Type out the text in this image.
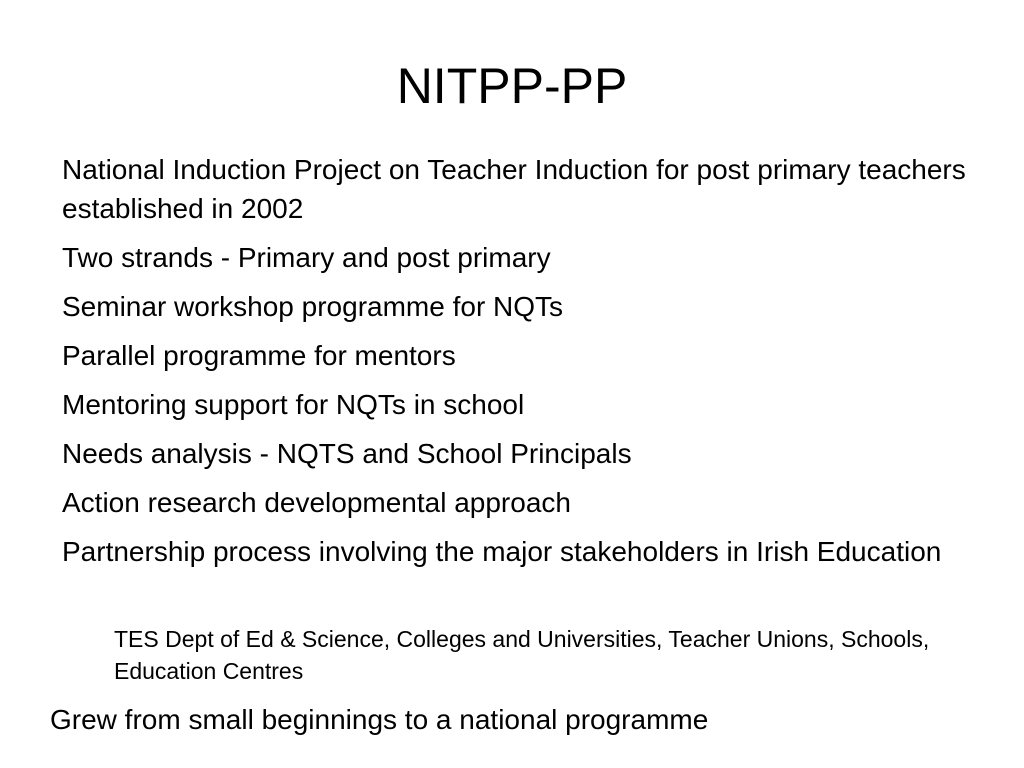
NITPP-PP
National Induction Project on Teacher Induction for post primary teachers established in 2002
Two strands - Primary and post primary
Seminar workshop programme for NQTs
Parallel programme for mentors
Mentoring support for NQTs in school
Needs analysis - NQTS and School Principals
Action research developmental approach
Partnership process involving the major stakeholders in Irish Education

TES Dept of Ed & Science, Colleges and Universities, Teacher Unions, Schools, Education Centres

Grew from small beginnings to a national programme
